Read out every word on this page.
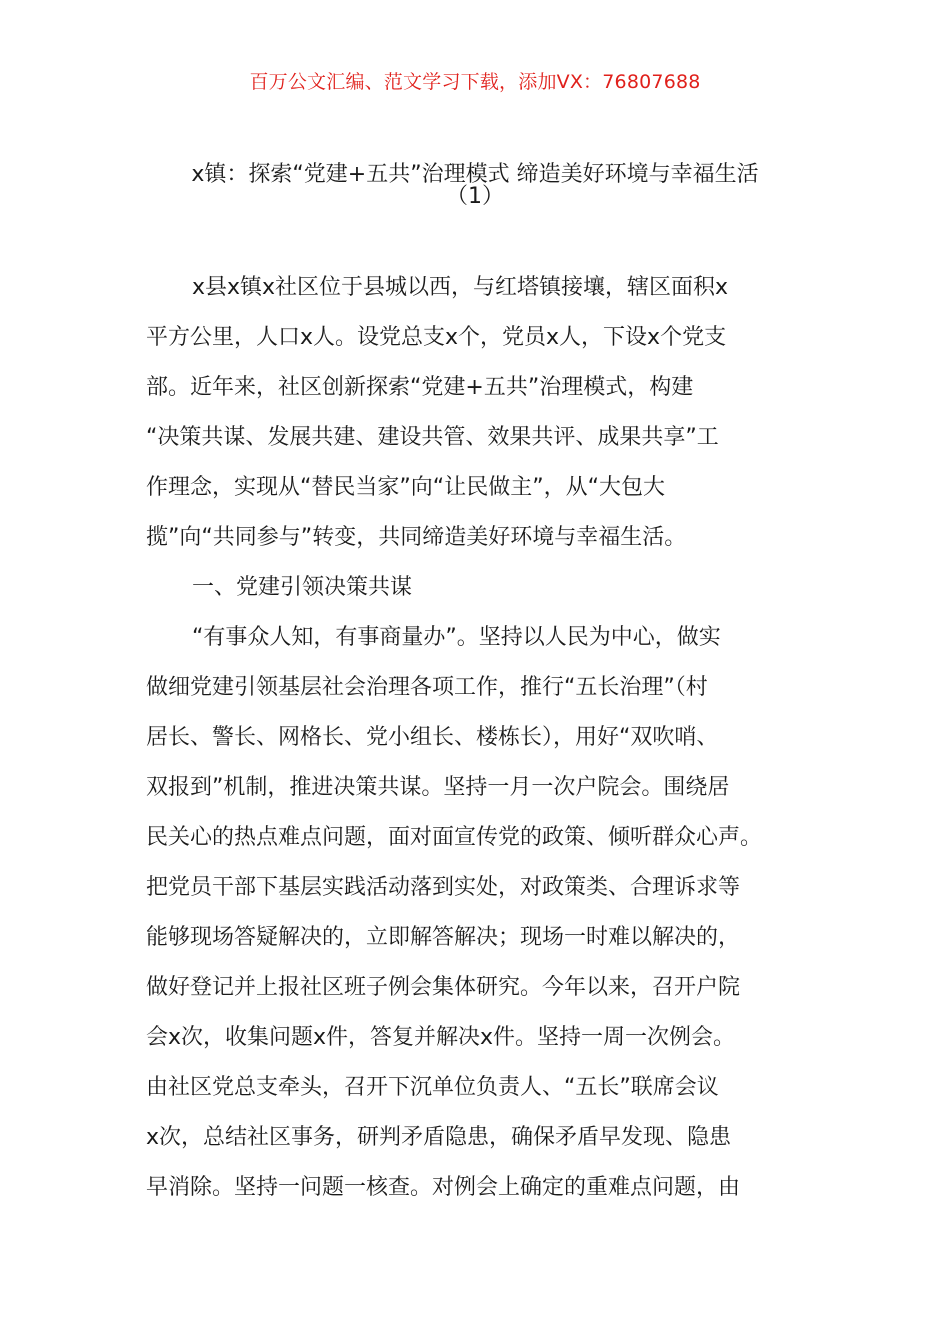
百万公文汇编、范文学习下载，添加VX：76807688
x镇：探索“党建+五共”治理模式 缔造美好环境与幸福生活
（1）
x县x镇x社区位于县城以西，与红塔镇接壤，辖区面积x
平方公里，人口x人。设党总支x个，党员x人，下设x个党支
部。近年来，社区创新探索“党建+五共”治理模式，构建
“决策共谋、发展共建、建设共管、效果共评、成果共享”工
作理念，实现从“替民当家”向“让民做主”，从“大包大
揽”向“共同参与”转变，共同缔造美好环境与幸福生活。
一、党建引领决策共谋
“有事众人知，有事商量办”。坚持以人民为中心，做实
做细党建引领基层社会治理各项工作，推行“五长治理”（村
居长、警长、网格长、党小组长、楼栋长），用好“双吹哨、
双报到”机制，推进决策共谋。坚持一月一次户院会。围绕居
民关心的热点难点问题，面对面宣传党的政策、倾听群众心声。
把党员干部下基层实践活动落到实处，对政策类、合理诉求等
能够现场答疑解决的，立即解答解决；现场一时难以解决的，
做好登记并上报社区班子例会集体研究。今年以来，召开户院
会x次，收集问题x件，答复并解决x件。坚持一周一次例会。
由社区党总支牵头，召开下沉单位负责人、“五长”联席会议
x次，总结社区事务，研判矛盾隐患，确保矛盾早发现、隐患
早消除。坚持一问题一核查。对例会上确定的重难点问题，由
